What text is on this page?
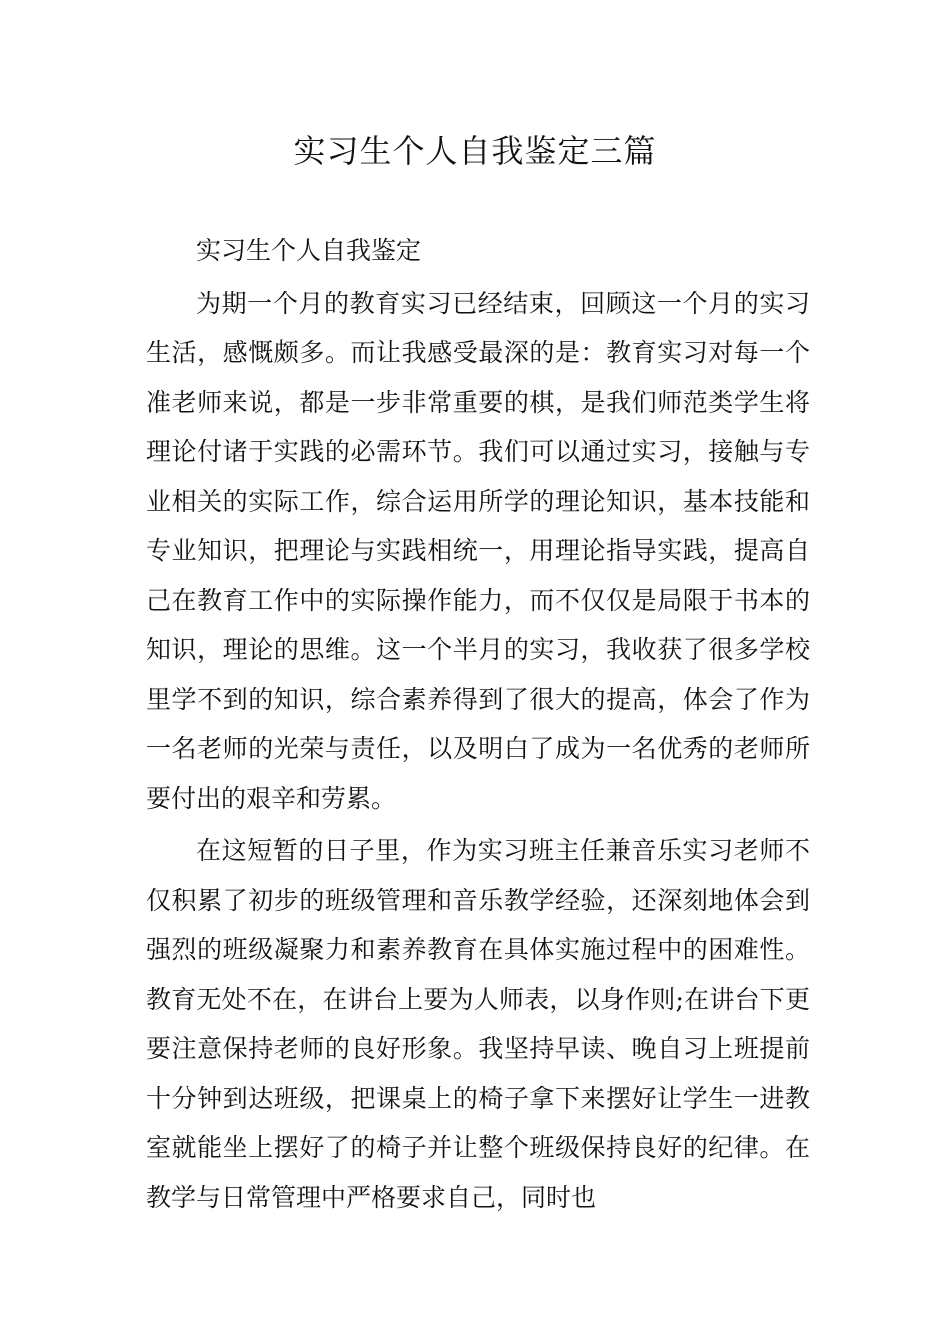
实习生个人自我鉴定三篇

实习生个人自我鉴定

为期一个月的教育实习已经结束，回顾这一个月的实习生活，感慨颇多。而让我感受最深的是：教育实习对每一个准老师来说，都是一步非常重要的棋，是我们师范类学生将理论付诸于实践的必需环节。我们可以通过实习，接触与专业相关的实际工作，综合运用所学的理论知识，基本技能和专业知识，把理论与实践相统一，用理论指导实践，提高自己在教育工作中的实际操作能力，而不仅仅是局限于书本的知识，理论的思维。这一个半月的实习，我收获了很多学校里学不到的知识，综合素养得到了很大的提高，体会了作为一名老师的光荣与责任，以及明白了成为一名优秀的老师所要付出的艰辛和劳累。

在这短暂的日子里，作为实习班主任兼音乐实习老师不仅积累了初步的班级管理和音乐教学经验，还深刻地体会到强烈的班级凝聚力和素养教育在具体实施过程中的困难性。教育无处不在，在讲台上要为人师表，以身作则;在讲台下更要注意保持老师的良好形象。我坚持早读、晚自习上班提前十分钟到达班级，把课桌上的椅子拿下来摆好让学生一进教室就能坐上摆好了的椅子并让整个班级保持良好的纪律。在教学与日常管理中严格要求自己，同时也
